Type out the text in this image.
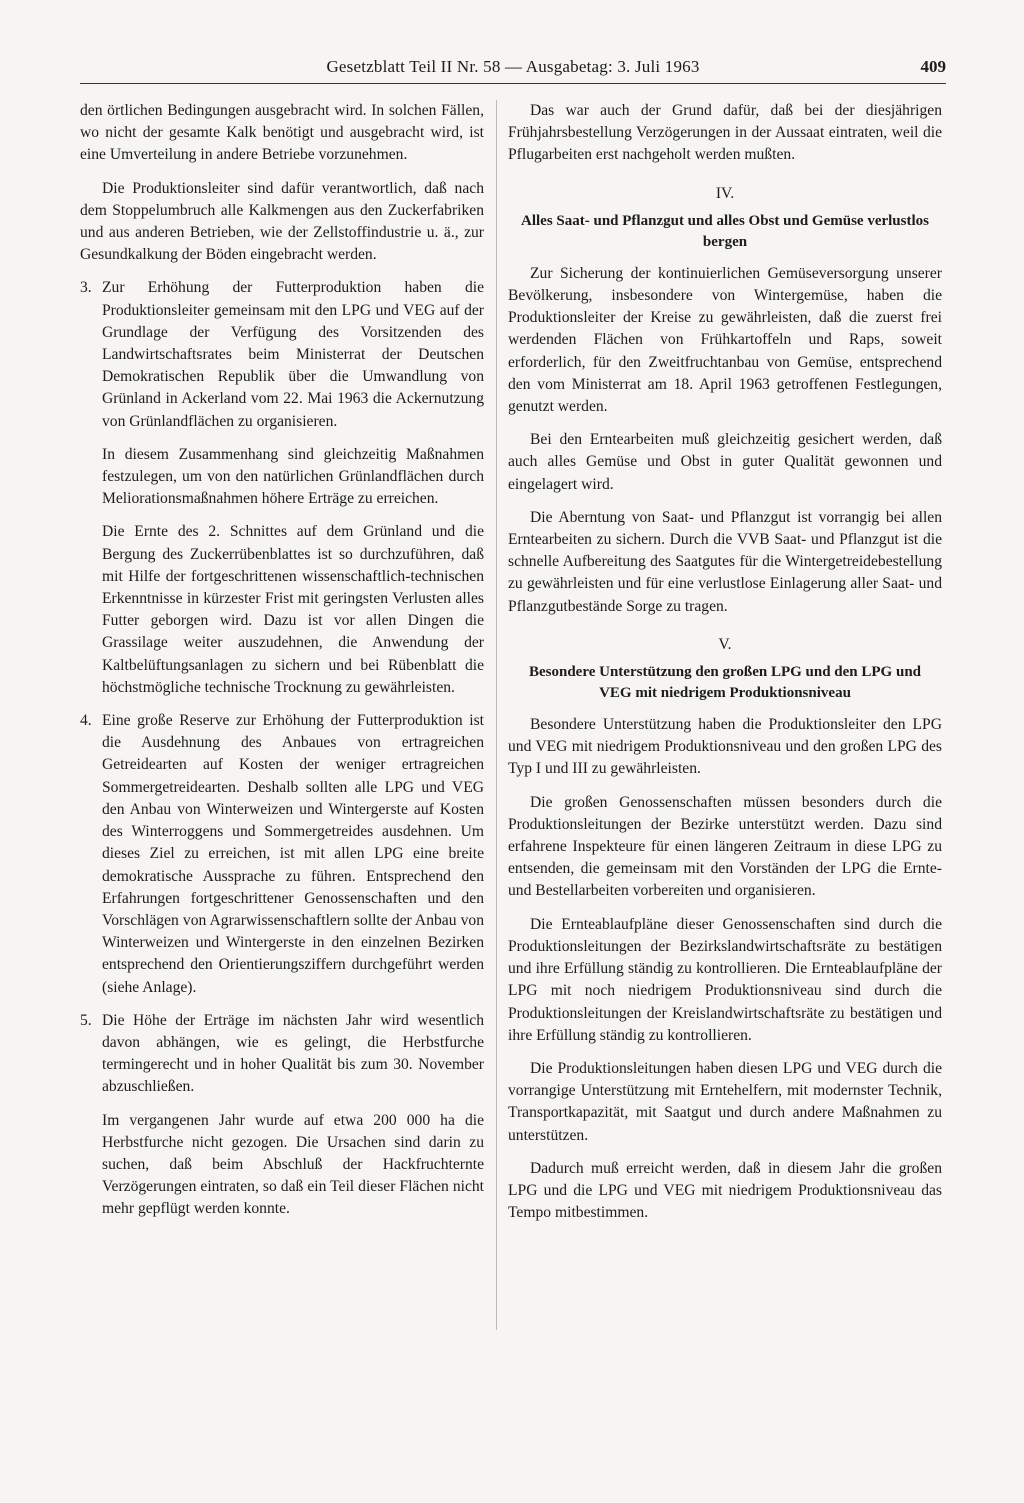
Gesetzblatt Teil II Nr. 58 — Ausgabetag: 3. Juli 1963	409

den örtlichen Bedingungen ausgebracht wird. In solchen Fällen, wo nicht der gesamte Kalk benötigt und ausgebracht wird, ist eine Umverteilung in andere Betriebe vorzunehmen.

Die Produktionsleiter sind dafür verantwortlich, daß nach dem Stoppelumbruch alle Kalkmengen aus den Zuckerfabriken und aus anderen Betrieben, wie der Zellstoffindustrie u. ä., zur Gesundkalkung der Böden eingebracht werden.

3. Zur Erhöhung der Futterproduktion haben die Produktionsleiter gemeinsam mit den LPG und VEG auf der Grundlage der Verfügung des Vorsitzenden des Landwirtschaftsrates beim Ministerrat der Deutschen Demokratischen Republik über die Umwandlung von Grünland in Ackerland vom 22. Mai 1963 die Ackernutzung von Grünlandflächen zu organisieren.

In diesem Zusammenhang sind gleichzeitig Maßnahmen festzulegen, um von den natürlichen Grünlandflächen durch Meliorationsmaßnahmen höhere Erträge zu erreichen.

Die Ernte des 2. Schnittes auf dem Grünland und die Bergung des Zuckerrübenblattes ist so durchzuführen, daß mit Hilfe der fortgeschrittenen wissenschaftlich-technischen Erkenntnisse in kürzester Frist mit geringsten Verlusten alles Futter geborgen wird. Dazu ist vor allen Dingen die Grassilage weiter auszudehnen, die Anwendung der Kaltbelüftungsanlagen zu sichern und bei Rübenblatt die höchstmögliche technische Trocknung zu gewährleisten.

4. Eine große Reserve zur Erhöhung der Futterproduktion ist die Ausdehnung des Anbaues von ertragreichen Getreidearten auf Kosten der weniger ertragreichen Sommergetreidearten. Deshalb sollten alle LPG und VEG den Anbau von Winterweizen und Wintergerste auf Kosten des Winterroggens und Sommergetreides ausdehnen. Um dieses Ziel zu erreichen, ist mit allen LPG eine breite demokratische Aussprache zu führen. Entsprechend den Erfahrungen fortgeschrittener Genossenschaften und den Vorschlägen von Agrarwissenschaftlern sollte der Anbau von Winterweizen und Wintergerste in den einzelnen Bezirken entsprechend den Orientierungsziffern durchgeführt werden (siehe Anlage).

5. Die Höhe der Erträge im nächsten Jahr wird wesentlich davon abhängen, wie es gelingt, die Herbstfurche termingerecht und in hoher Qualität bis zum 30. November abzuschließen.

Im vergangenen Jahr wurde auf etwa 200 000 ha die Herbstfurche nicht gezogen. Die Ursachen sind darin zu suchen, daß beim Abschluß der Hackfruchternte Verzögerungen eintraten, so daß ein Teil dieser Flächen nicht mehr gepflügt werden konnte.

Das war auch der Grund dafür, daß bei der diesjährigen Frühjahrsbestellung Verzögerungen in der Aussaat eintraten, weil die Pflugarbeiten erst nachgeholt werden mußten.

IV.
Alles Saat- und Pflanzgut und alles Obst und Gemüse verlustlos bergen

Zur Sicherung der kontinuierlichen Gemüseversorgung unserer Bevölkerung, insbesondere von Wintergemüse, haben die Produktionsleiter der Kreise zu gewährleisten, daß die zuerst frei werdenden Flächen von Frühkartoffeln und Raps, soweit erforderlich, für den Zweitfruchtanbau von Gemüse, entsprechend den vom Ministerrat am 18. April 1963 getroffenen Festlegungen, genutzt werden.

Bei den Erntearbeiten muß gleichzeitig gesichert werden, daß auch alles Gemüse und Obst in guter Qualität gewonnen und eingelagert wird.

Die Aberntung von Saat- und Pflanzgut ist vorrangig bei allen Erntearbeiten zu sichern. Durch die VVB Saat- und Pflanzgut ist die schnelle Aufbereitung des Saatgutes für die Wintergetreidebestellung zu gewährleisten und für eine verlustlose Einlagerung aller Saat- und Pflanzgutbestände Sorge zu tragen.

V.
Besondere Unterstützung den großen LPG und den LPG und VEG mit niedrigem Produktionsniveau

Besondere Unterstützung haben die Produktionsleiter den LPG und VEG mit niedrigem Produktionsniveau und den großen LPG des Typ I und III zu gewährleisten.

Die großen Genossenschaften müssen besonders durch die Produktionsleitungen der Bezirke unterstützt werden. Dazu sind erfahrene Inspekteure für einen längeren Zeitraum in diese LPG zu entsenden, die gemeinsam mit den Vorständen der LPG die Ernte- und Bestellarbeiten vorbereiten und organisieren.

Die Ernteablaufpläne dieser Genossenschaften sind durch die Produktionsleitungen der Bezirkslandwirtschaftsräte zu bestätigen und ihre Erfüllung ständig zu kontrollieren. Die Ernteablaufpläne der LPG mit noch niedrigem Produktionsniveau sind durch die Produktionsleitungen der Kreislandwirtschaftsräte zu bestätigen und ihre Erfüllung ständig zu kontrollieren.

Die Produktionsleitungen haben diesen LPG und VEG durch die vorrangige Unterstützung mit Erntehelfern, mit modernster Technik, Transportkapazität, mit Saatgut und durch andere Maßnahmen zu unterstützen.

Dadurch muß erreicht werden, daß in diesem Jahr die großen LPG und die LPG und VEG mit niedrigem Produktionsniveau das Tempo mitbestimmen.
